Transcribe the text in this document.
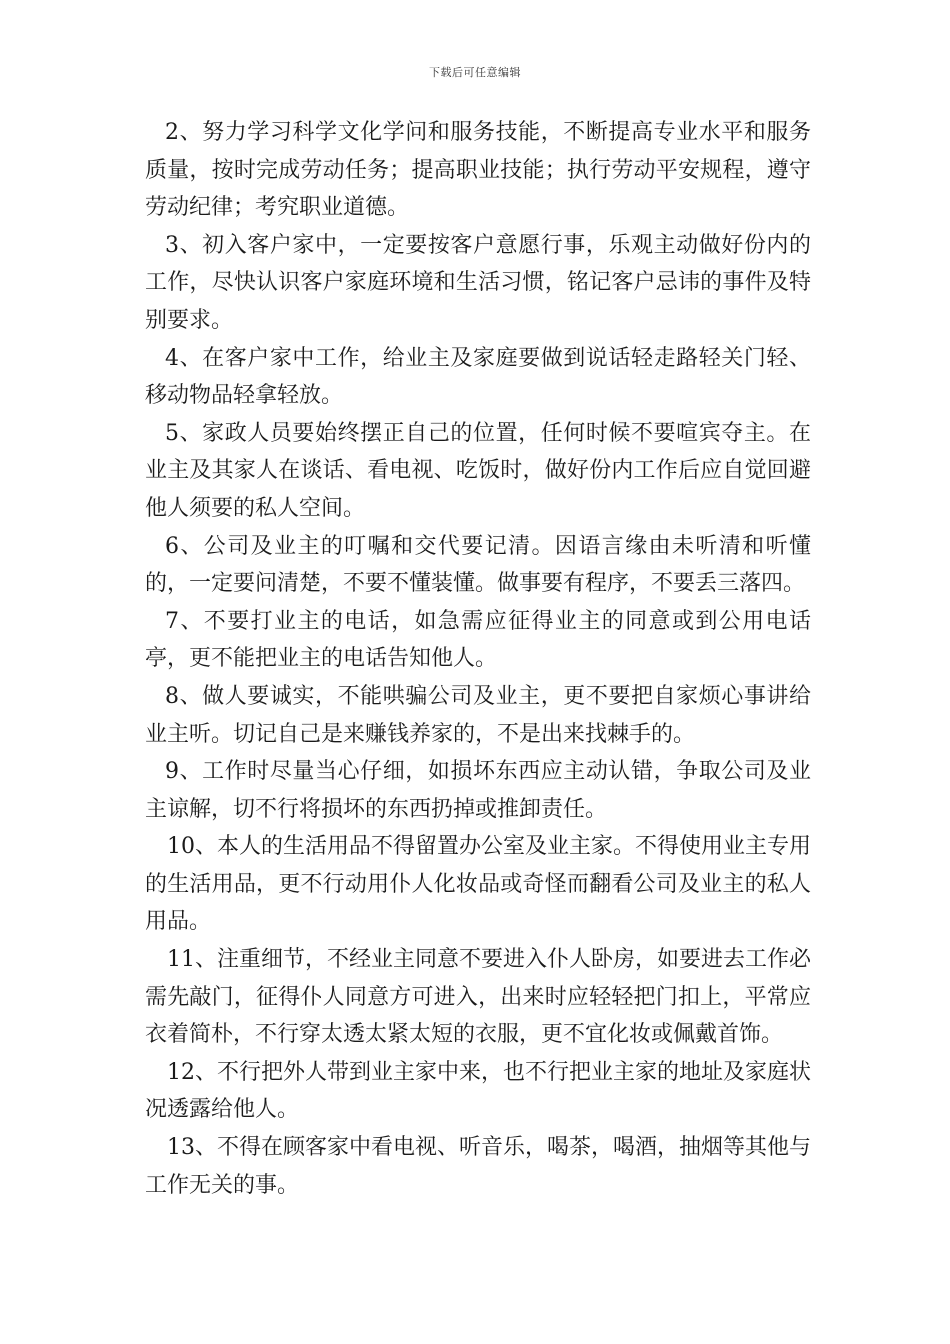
下载后可任意编辑

2、努力学习科学文化学问和服务技能，不断提高专业水平和服务质量，按时完成劳动任务；提高职业技能；执行劳动平安规程，遵守劳动纪律；考究职业道德。

3、初入客户家中，一定要按客户意愿行事，乐观主动做好份内的工作，尽快认识客户家庭环境和生活习惯，铭记客户忌讳的事件及特别要求。

4、在客户家中工作，给业主及家庭要做到说话轻走路轻关门轻、移动物品轻拿轻放。

5、家政人员要始终摆正自己的位置，任何时候不要喧宾夺主。在业主及其家人在谈话、看电视、吃饭时，做好份内工作后应自觉回避他人须要的私人空间。

6、公司及业主的叮嘱和交代要记清。因语言缘由未听清和听懂的，一定要问清楚，不要不懂装懂。做事要有程序，不要丢三落四。

7、不要打业主的电话，如急需应征得业主的同意或到公用电话亭，更不能把业主的电话告知他人。

8、做人要诚实，不能哄骗公司及业主，更不要把自家烦心事讲给业主听。切记自己是来赚钱养家的，不是出来找棘手的。

9、工作时尽量当心仔细，如损坏东西应主动认错，争取公司及业主谅解，切不行将损坏的东西扔掉或推卸责任。

10、本人的生活用品不得留置办公室及业主家。不得使用业主专用的生活用品，更不行动用仆人化妆品或奇怪而翻看公司及业主的私人用品。

11、注重细节，不经业主同意不要进入仆人卧房，如要进去工作必需先敲门，征得仆人同意方可进入，出来时应轻轻把门扣上，平常应衣着简朴，不行穿太透太紧太短的衣服，更不宜化妆或佩戴首饰。

12、不行把外人带到业主家中来，也不行把业主家的地址及家庭状况透露给他人。

13、不得在顾客家中看电视、听音乐，喝茶，喝酒，抽烟等其他与工作无关的事。
